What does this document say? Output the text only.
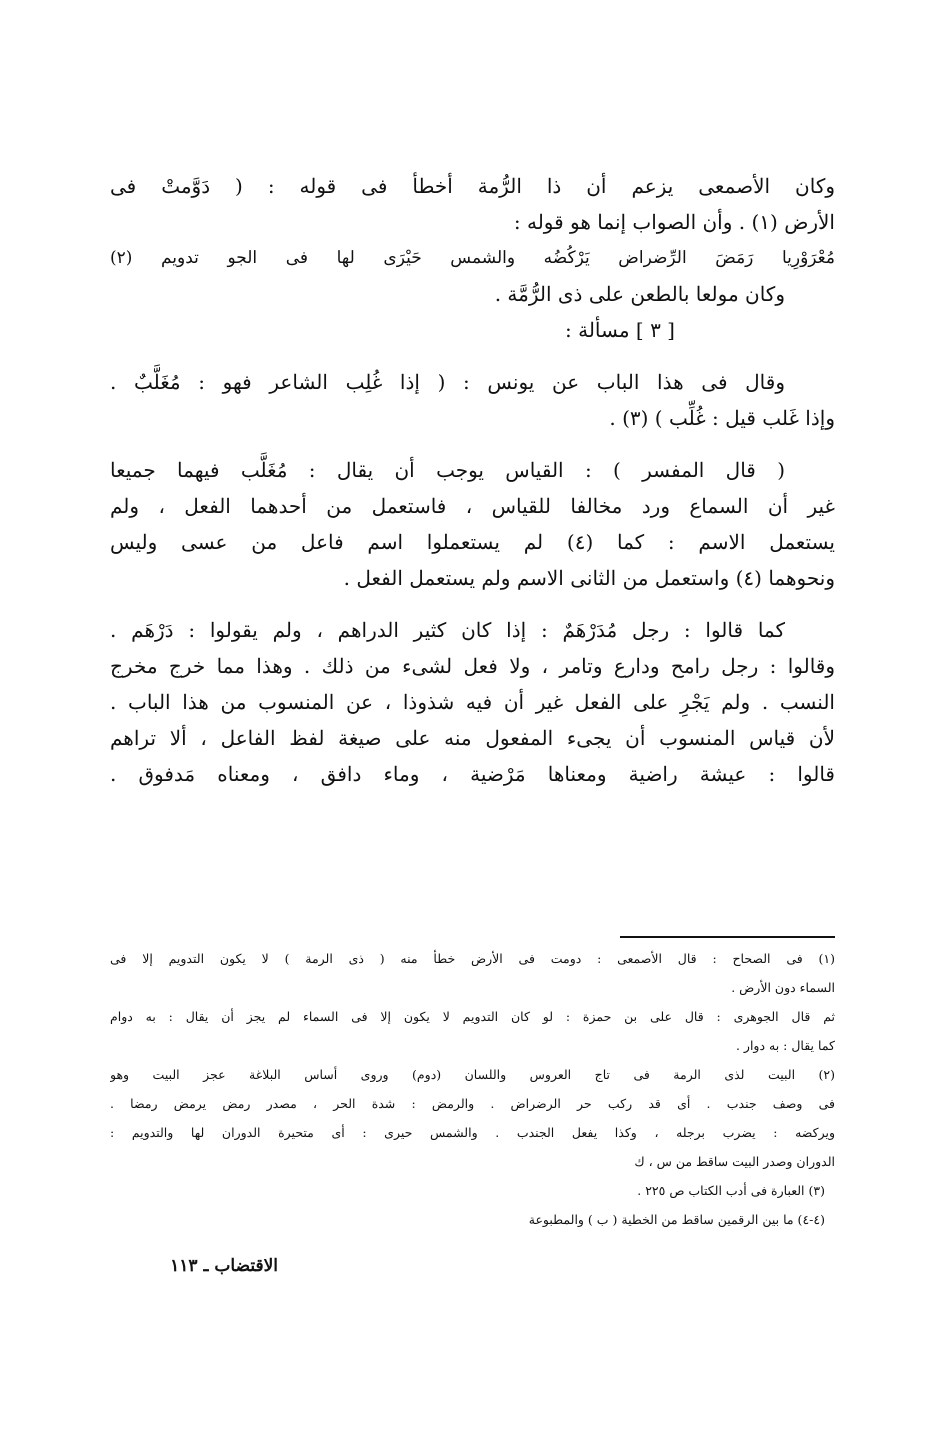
وكان الأصمعى يزعم أن ذا الرُّمة أخطأ فى قوله : ( دَوَّمتْ فى
الأرض (١) . وأن الصواب إنما هو قوله :
مُعْرَوْرِيا رَمَضَ الرِّضراض يَرْكُضُه والشمس حَيْرَى لها فى الجو تدويم (٢)
وكان مولعا بالطعن على ذى الرُّمَّة .
[ ٣ ] مسألة :
وقال فى هذا الباب عن يونس : ( إذا غُلِب الشاعر فهو : مُغَلَّبٌ .
وإذا غَلب قيل : غُلِّب ) (٣) .
( قال المفسر ) : القياس يوجب أن يقال : مُغَلَّب فيهما جميعا
غير أن السماع ورد مخالفا للقياس ، فاستعمل من أحدهما الفعل ، ولم
يستعمل الاسم : كما (٤) لم يستعملوا اسم فاعل من عسى وليس
ونحوهما (٤) واستعمل من الثانى الاسم ولم يستعمل الفعل .
كما قالوا : رجل مُدَرْهَمٌ : إذا كان كثير الدراهم ، ولم يقولوا : دَرْهَم .
وقالوا : رجل رامح ودارع وتامر ، ولا فعل لشىء من ذلك . وهذا مما خرج مخرج
النسب . ولم يَجْرِ على الفعل غير أن فيه شذوذا ، عن المنسوب من هذا الباب .
لأن قياس المنسوب أن يجىء المفعول منه على صيغة لفظ الفاعل ، ألا تراهم
قالوا : عيشة راضية ومعناها مَرْضية ، وماء دافق ، ومعناه مَدفوق .
(١) فى الصحاح : قال الأصمعى : دومت فى الأرض خطأ منه ( ذى الرمة ) لا يكون التدويم إلا فى
السماء دون الأرض .
ثم قال الجوهرى : قال على بن حمزة : لو كان التدويم لا يكون إلا فى السماء لم يجز أن يقال : به دوام
كما يقال : به دوار .
(٢) البيت لذى الرمة فى تاج العروس واللسان (دوم) وروى أساس البلاغة عجز البيت وهو
فى وصف جندب . أى قد ركب حر الرضراض . والرمض : شدة الحر ، مصدر رمض يرمض رمضا .
ويركضه : يضرب برجله ، وكذا يفعل الجندب . والشمس حيرى : أى متحيرة الدوران لها والتدويم :
الدوران وصدر البيت ساقط من س ، ك
(٣) العبارة فى أدب الكتاب ص ٢٢٥ .
(٤-٤) ما بين الرقمين ساقط من الخطية ( ب ) والمطبوعة
الاقتضاب ـ ١١٣
